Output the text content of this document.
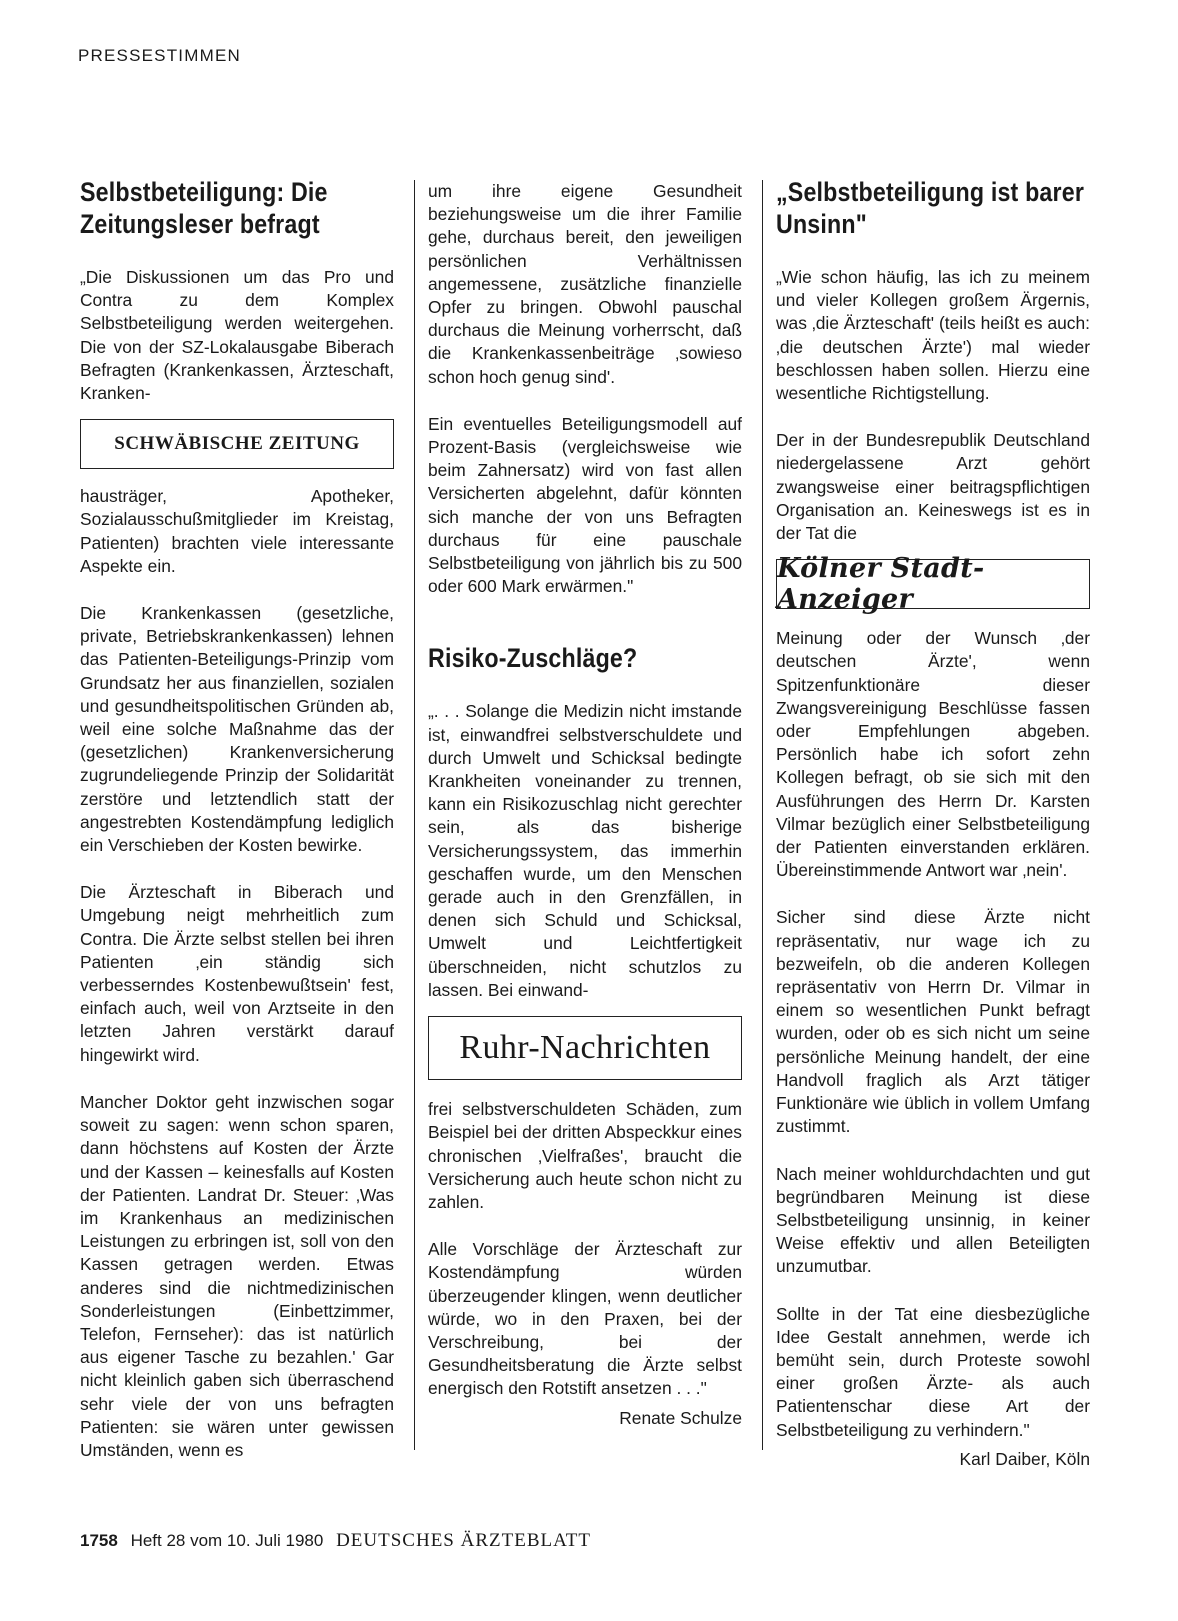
PRESSESTIMMEN
Selbstbeteiligung: Die Zeitungsleser befragt

„Die Diskussionen um das Pro und Contra zu dem Komplex Selbstbeteiligung werden weitergehen. Die von der SZ-Lokalausgabe Biberach Befragten (Krankenkassen, Ärzteschaft, Kranken-

SCHWÄBISCHE ZEITUNG

hausträger, Apotheker, Sozialausschußmitglieder im Kreistag, Patienten) brachten viele interessante Aspekte ein.

Die Krankenkassen (gesetzliche, private, Betriebskrankenkassen) lehnen das Patienten-Beteiligungs-Prinzip vom Grundsatz her aus finanziellen, sozialen und gesundheitspolitischen Gründen ab, weil eine solche Maßnahme das der (gesetzlichen) Krankenversicherung zugrundeliegende Prinzip der Solidarität zerstöre und letztendlich statt der angestrebten Kostendämpfung lediglich ein Verschieben der Kosten bewirke.

Die Ärzteschaft in Biberach und Umgebung neigt mehrheitlich zum Contra. Die Ärzte selbst stellen bei ihren Patienten ‚ein ständig sich verbesserndes Kostenbewußtsein' fest, einfach auch, weil von Arztseite in den letzten Jahren verstärkt darauf hingewirkt wird.

Mancher Doktor geht inzwischen sogar soweit zu sagen: wenn schon sparen, dann höchstens auf Kosten der Ärzte und der Kassen – keinesfalls auf Kosten der Patienten. Landrat Dr. Steuer: ‚Was im Krankenhaus an medizinischen Leistungen zu erbringen ist, soll von den Kassen getragen werden. Etwas anderes sind die nichtmedizinischen Sonderleistungen (Einbettzimmer, Telefon, Fernseher): das ist natürlich aus eigener Tasche zu bezahlen.' Gar nicht kleinlich gaben sich überraschend sehr viele der von uns befragten Patienten: sie wären unter gewissen Umständen, wenn es

um ihre eigene Gesundheit beziehungsweise um die ihrer Familie gehe, durchaus bereit, den jeweiligen persönlichen Verhältnissen angemessene, zusätzliche finanzielle Opfer zu bringen. Obwohl pauschal durchaus die Meinung vorherrscht, daß die Krankenkassenbeiträge ‚sowieso schon hoch genug sind'.

Ein eventuelles Beteiligungsmodell auf Prozent-Basis (vergleichsweise wie beim Zahnersatz) wird von fast allen Versicherten abgelehnt, dafür könnten sich manche der von uns Befragten durchaus für eine pauschale Selbstbeteiligung von jährlich bis zu 500 oder 600 Mark erwärmen."

Risiko-Zuschläge?

„. . . Solange die Medizin nicht imstande ist, einwandfrei selbstverschuldete und durch Umwelt und Schicksal bedingte Krankheiten voneinander zu trennen, kann ein Risikozuschlag nicht gerechter sein, als das bisherige Versicherungssystem, das immerhin geschaffen wurde, um den Menschen gerade auch in den Grenzfällen, in denen sich Schuld und Schicksal, Umwelt und Leichtfertigkeit überschneiden, nicht schutzlos zu lassen. Bei einwand-

Ruhr-Nachrichten

frei selbstverschuldeten Schäden, zum Beispiel bei der dritten Abspeckkur eines chronischen ‚Vielfraßes', braucht die Versicherung auch heute schon nicht zu zahlen.

Alle Vorschläge der Ärzteschaft zur Kostendämpfung würden überzeugender klingen, wenn deutlicher würde, wo in den Praxen, bei der Verschreibung, bei der Gesundheitsberatung die Ärzte selbst energisch den Rotstift ansetzen . . ."

Renate Schulze
„Selbstbeteiligung ist barer Unsinn"

„Wie schon häufig, las ich zu meinem und vieler Kollegen großem Ärgernis, was ‚die Ärzteschaft' (teils heißt es auch: ‚die deutschen Ärzte') mal wieder beschlossen haben sollen. Hierzu eine wesentliche Richtigstellung.

Der in der Bundesrepublik Deutschland niedergelassene Arzt gehört zwangsweise einer beitragspflichtigen Organisation an. Keineswegs ist es in der Tat die

Kölner Stadt-Anzeiger

Meinung oder der Wunsch ‚der deutschen Ärzte', wenn Spitzenfunktionäre dieser Zwangsvereinigung Beschlüsse fassen oder Empfehlungen abgeben. Persönlich habe ich sofort zehn Kollegen befragt, ob sie sich mit den Ausführungen des Herrn Dr. Karsten Vilmar bezüglich einer Selbstbeteiligung der Patienten einverstanden erklären. Übereinstimmende Antwort war ‚nein'.

Sicher sind diese Ärzte nicht repräsentativ, nur wage ich zu bezweifeln, ob die anderen Kollegen repräsentativ von Herrn Dr. Vilmar in einem so wesentlichen Punkt befragt wurden, oder ob es sich nicht um seine persönliche Meinung handelt, der eine Handvoll fraglich als Arzt tätiger Funktionäre wie üblich in vollem Umfang zustimmt.

Nach meiner wohldurchdachten und gut begründbaren Meinung ist diese Selbstbeteiligung unsinnig, in keiner Weise effektiv und allen Beteiligten unzumutbar.

Sollte in der Tat eine diesbezügliche Idee Gestalt annehmen, werde ich bemüht sein, durch Proteste sowohl einer großen Ärzte- als auch Patientenschar diese Art der Selbstbeteiligung zu verhindern."

Karl Daiber, Köln
1758 Heft 28 vom 10. Juli 1980 DEUTSCHES ÄRZTEBLATT
